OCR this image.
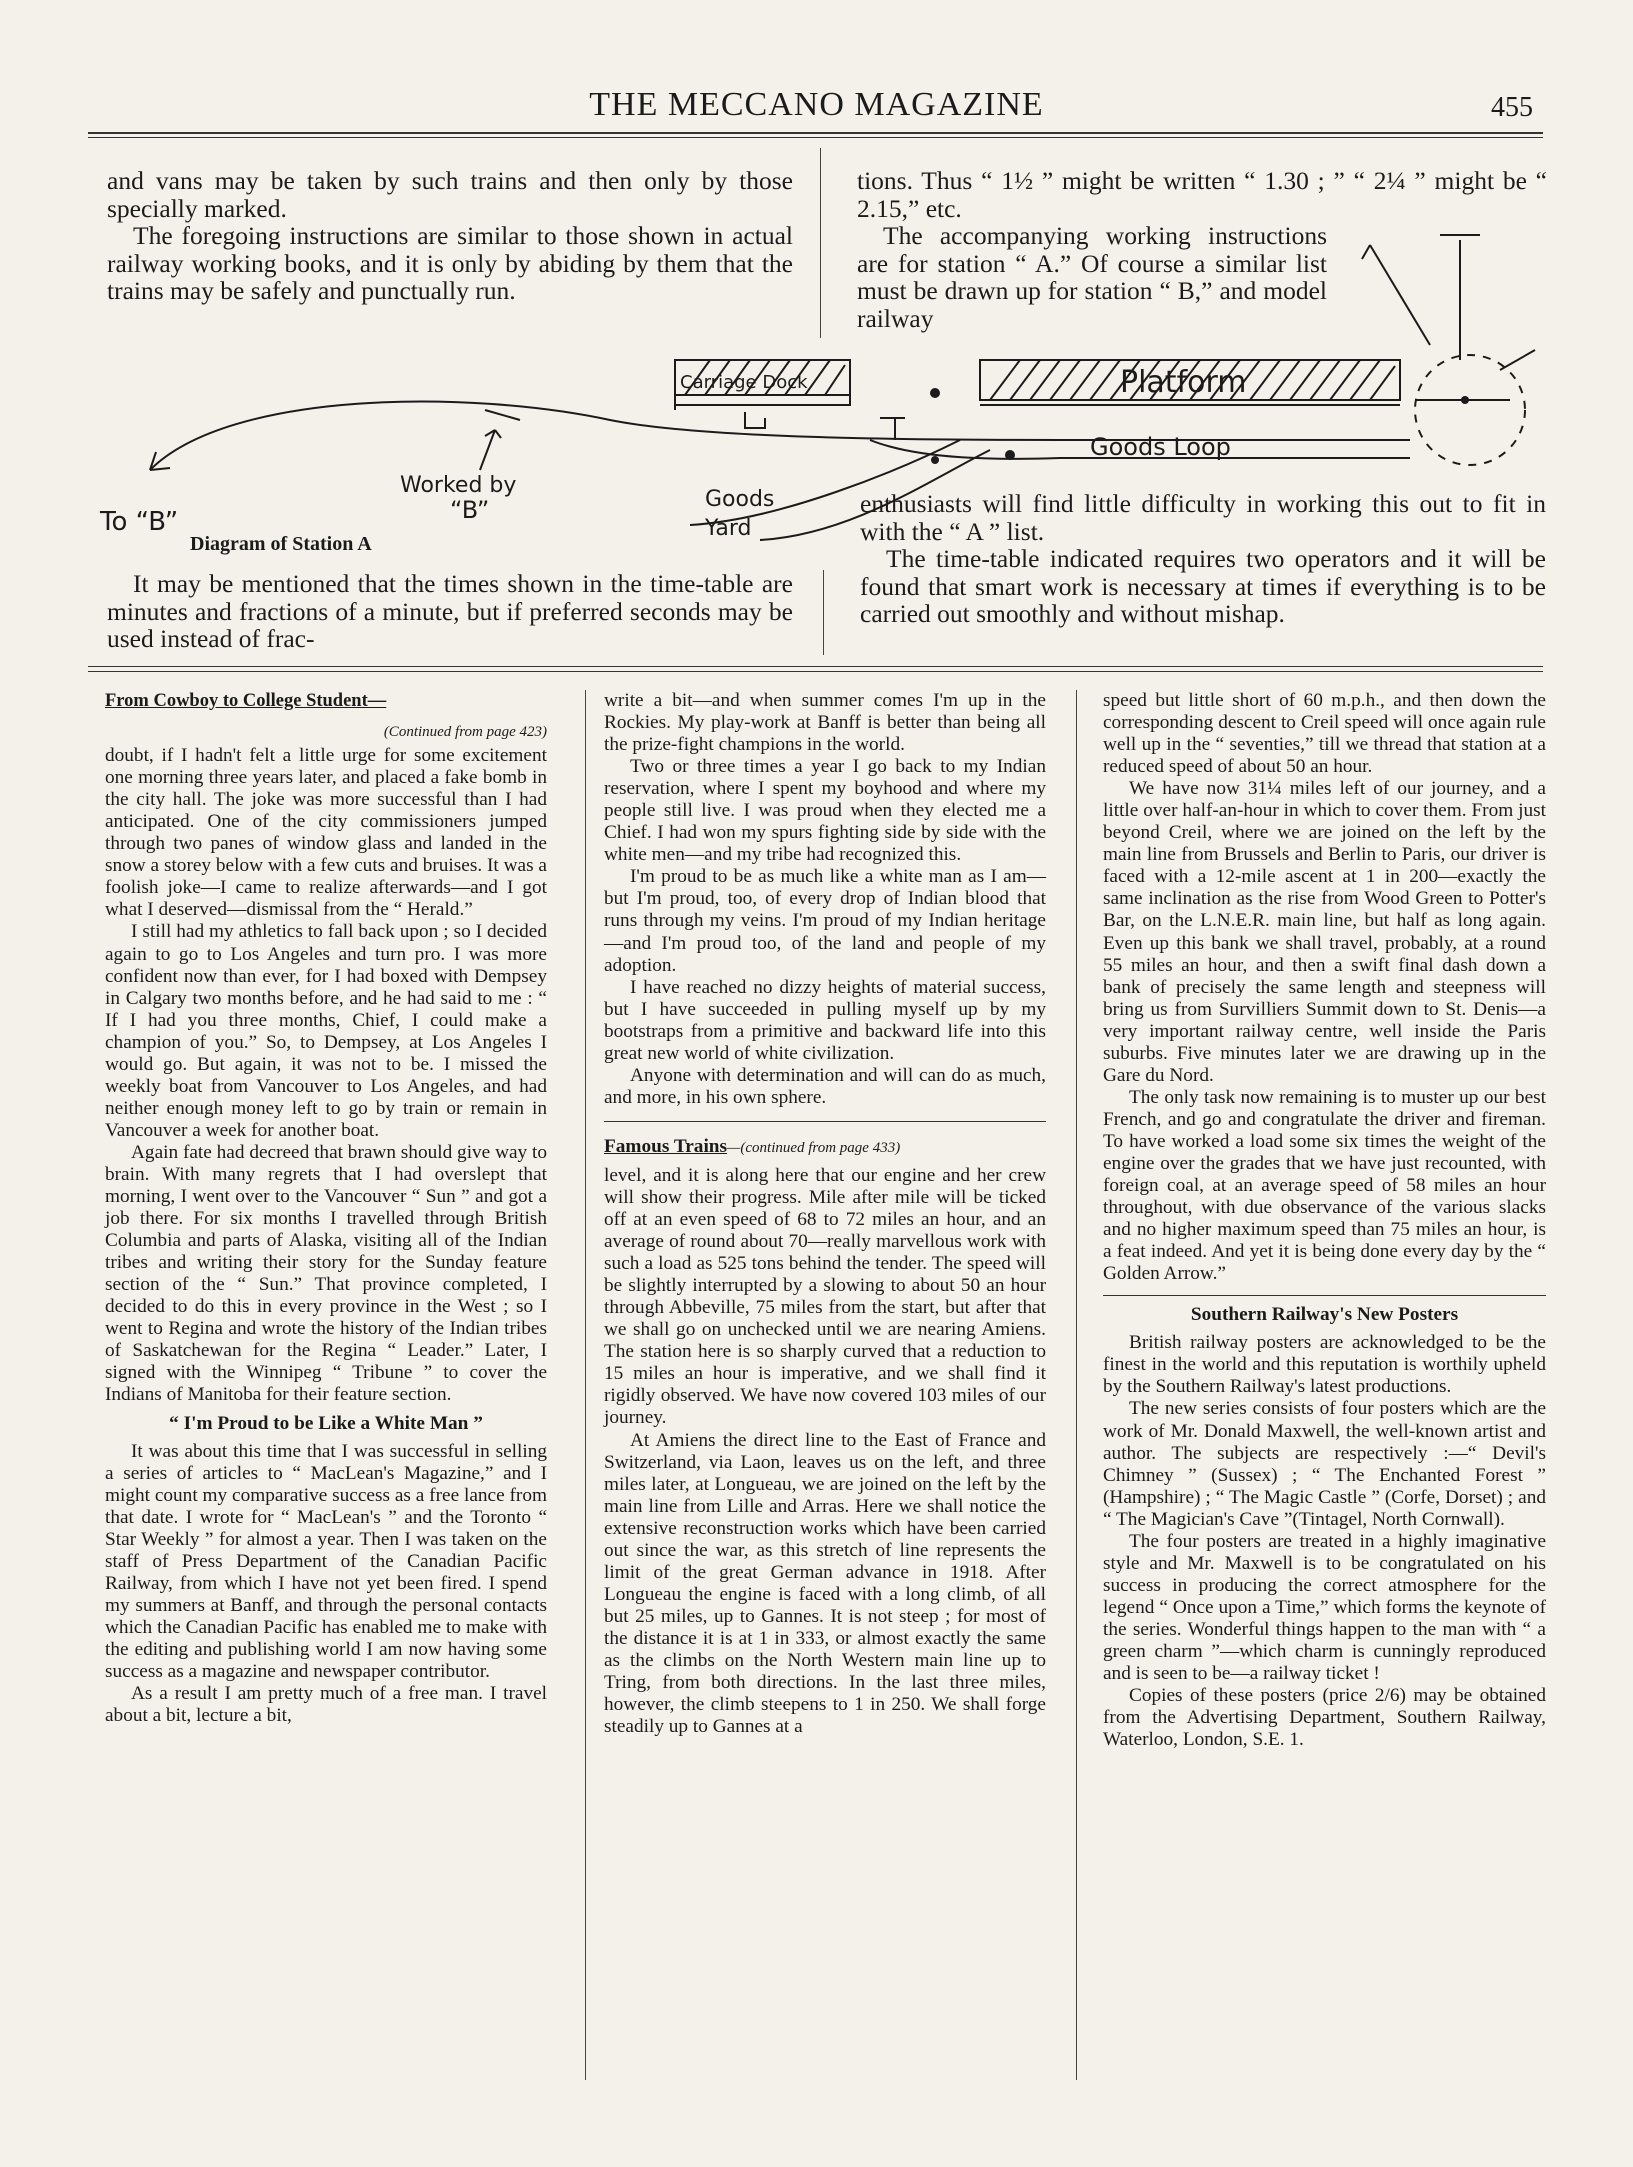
THE MECCANO MAGAZINE	455

and vans may be taken by such trains and then only by those specially marked.

The foregoing instructions are similar to those shown in actual railway working books, and it is only by abiding by them that the trains may be safely and punctually run.

tions. Thus “ 1½ ” might be written “ 1.30 ; ” “ 2¼ ” might be “ 2.15,” etc.

The accompanying working instructions are for station “ A.” Of course a similar list must be drawn up for station “ B,” and model railway

To “B”
Worked by
“B”	Goods
Yard
Carriage Dock	Platform
Goods Loop
Diagram of Station A

enthusiasts will find little difficulty in working this out to fit in with the “ A ” list.

The time-table indicated requires two operators and it will be found that smart work is necessary at times if everything is to be carried out smoothly and without mishap.

It may be mentioned that the times shown in the time-table are minutes and fractions of a minute, but if preferred seconds may be used instead of frac-

From Cowboy to College Student—

(Continued from page 423)

doubt, if I hadn't felt a little urge for some excitement one morning three years later, and placed a fake bomb in the city hall. The joke was more successful than I had anticipated. One of the city commissioners jumped through two panes of window glass and landed in the snow a storey below with a few cuts and bruises. It was a foolish joke—I came to realize afterwards—and I got what I deserved—dismissal from the “ Herald.”

I still had my athletics to fall back upon ; so I decided again to go to Los Angeles and turn pro. I was more confident now than ever, for I had boxed with Dempsey in Calgary two months before, and he had said to me : “ If I had you three months, Chief, I could make a champion of you.” So, to Dempsey, at Los Angeles I would go. But again, it was not to be. I missed the weekly boat from Vancouver to Los Angeles, and had neither enough money left to go by train or remain in Vancouver a week for another boat.

Again fate had decreed that brawn should give way to brain. With many regrets that I had overslept that morning, I went over to the Vancouver “ Sun ” and got a job there. For six months I travelled through British Columbia and parts of Alaska, visiting all of the Indian tribes and writing their story for the Sunday feature section of the “ Sun.” That province completed, I decided to do this in every province in the West ; so I went to Regina and wrote the history of the Indian tribes of Saskatchewan for the Regina “ Leader.” Later, I signed with the Winnipeg “ Tribune ” to cover the Indians of Manitoba for their feature section.

“ I'm Proud to be Like a White Man ”

It was about this time that I was successful in selling a series of articles to “ MacLean's Magazine,” and I might count my comparative success as a free lance from that date. I wrote for “ MacLean's ” and the Toronto “ Star Weekly ” for almost a year. Then I was taken on the staff of Press Department of the Canadian Pacific Railway, from which I have not yet been fired. I spend my summers at Banff, and through the personal contacts which the Canadian Pacific has enabled me to make with the editing and publishing world I am now having some success as a magazine and newspaper contributor.

As a result I am pretty much of a free man. I travel about a bit, lecture a bit,

write a bit—and when summer comes I'm up in the Rockies. My play-work at Banff is better than being all the prize-fight champions in the world.

Two or three times a year I go back to my Indian reservation, where I spent my boyhood and where my people still live. I was proud when they elected me a Chief. I had won my spurs fighting side by side with the white men—and my tribe had recognized this.

I'm proud to be as much like a white man as I am—but I'm proud, too, of every drop of Indian blood that runs through my veins. I'm proud of my Indian heritage—and I'm proud too, of the land and people of my adoption.

I have reached no dizzy heights of material success, but I have succeeded in pulling myself up by my bootstraps from a primitive and backward life into this great new world of white civilization.

Anyone with determination and will can do as much, and more, in his own sphere.

Famous Trains—(continued from page 433)

level, and it is along here that our engine and her crew will show their progress. Mile after mile will be ticked off at an even speed of 68 to 72 miles an hour, and an average of round about 70—really marvellous work with such a load as 525 tons behind the tender. The speed will be slightly interrupted by a slowing to about 50 an hour through Abbeville, 75 miles from the start, but after that we shall go on unchecked until we are nearing Amiens. The station here is so sharply curved that a reduction to 15 miles an hour is imperative, and we shall find it rigidly observed. We have now covered 103 miles of our journey.

At Amiens the direct line to the East of France and Switzerland, via Laon, leaves us on the left, and three miles later, at Longueau, we are joined on the left by the main line from Lille and Arras. Here we shall notice the extensive reconstruction works which have been carried out since the war, as this stretch of line represents the limit of the great German advance in 1918. After Longueau the engine is faced with a long climb, of all but 25 miles, up to Gannes. It is not steep ; for most of the distance it is at 1 in 333, or almost exactly the same as the climbs on the North Western main line up to Tring, from both directions. In the last three miles, however, the climb steepens to 1 in 250. We shall forge steadily up to Gannes at a

speed but little short of 60 m.p.h., and then down the corresponding descent to Creil speed will once again rule well up in the “ seventies,” till we thread that station at a reduced speed of about 50 an hour.

We have now 31¼ miles left of our journey, and a little over half-an-hour in which to cover them. From just beyond Creil, where we are joined on the left by the main line from Brussels and Berlin to Paris, our driver is faced with a 12-mile ascent at 1 in 200—exactly the same inclination as the rise from Wood Green to Potter's Bar, on the L.N.E.R. main line, but half as long again. Even up this bank we shall travel, probably, at a round 55 miles an hour, and then a swift final dash down a bank of precisely the same length and steepness will bring us from Survilliers Summit down to St. Denis—a very important railway centre, well inside the Paris suburbs. Five minutes later we are drawing up in the Gare du Nord.

The only task now remaining is to muster up our best French, and go and congratulate the driver and fireman. To have worked a load some six times the weight of the engine over the grades that we have just recounted, with foreign coal, at an average speed of 58 miles an hour throughout, with due observance of the various slacks and no higher maximum speed than 75 miles an hour, is a feat indeed. And yet it is being done every day by the “ Golden Arrow.”

Southern Railway's New Posters

British railway posters are acknowledged to be the finest in the world and this reputation is worthily upheld by the Southern Railway's latest productions.

The new series consists of four posters which are the work of Mr. Donald Maxwell, the well-known artist and author. The subjects are respectively :—“ Devil's Chimney ” (Sussex) ; “ The Enchanted Forest ” (Hampshire) ; “ The Magic Castle ” (Corfe, Dorset) ; and “ The Magician's Cave ”(Tintagel, North Cornwall).

The four posters are treated in a highly imaginative style and Mr. Maxwell is to be congratulated on his success in producing the correct atmosphere for the legend “ Once upon a Time,” which forms the keynote of the series. Wonderful things happen to the man with “ a green charm ”—which charm is cunningly reproduced and is seen to be—a railway ticket !

Copies of these posters (price 2/6) may be obtained from the Advertising Department, Southern Railway, Waterloo, London, S.E. 1.
